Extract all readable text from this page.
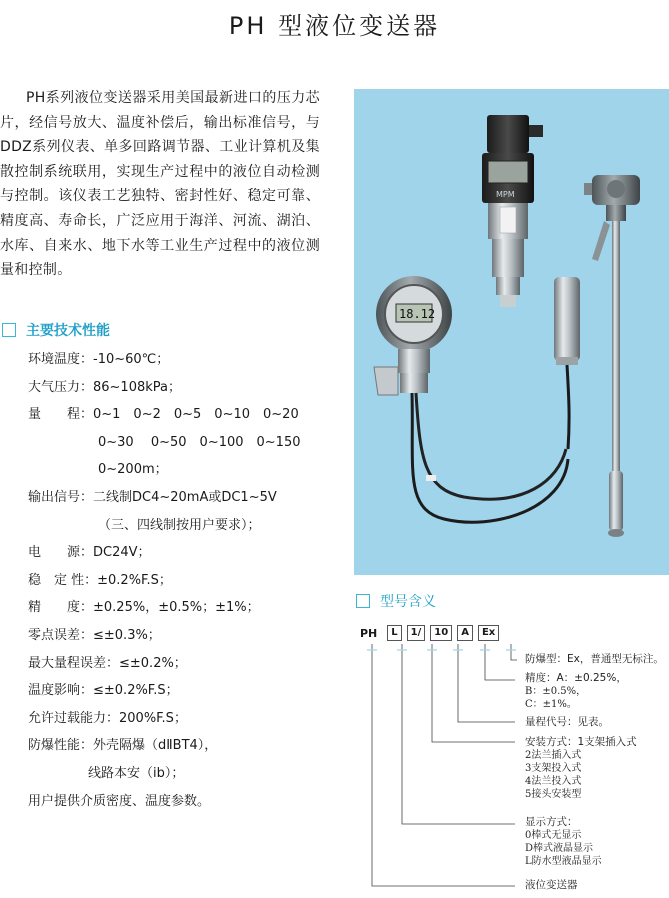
PH 型液位变送器

PH系列液位变送器采用美国最新进口的压力芯片，经信号放大、温度补偿后，输出标准信号，与DDZ系列仪表、单多回路调节器、工业计算机及集散控制系统联用，实现生产过程中的液位自动检测与控制。该仪表工艺独特、密封性好、稳定可靠、精度高、寿命长，广泛应用于海洋、河流、湖泊、水库、自来水、地下水等工业生产过程中的液位测量和控制。

主要技术性能
环境温度：-10~60℃；
大气压力：86~108kPa；
量　　程：0~1　0~2　0~5　0~10　0~20
0~30　 0~50　0~100　0~150
0~200m；
输出信号：二线制DC4~20mA或DC1~5V
（三、四线制按用户要求）；
电　　源：DC24V；
稳　定 性：±0.2%F.S；
精　　度：±0.25%，±0.5%；±1%；
零点误差：≤±0.3%；
最大量程误差：≤±0.2%；
温度影响：≤±0.2%F.S；
允许过载能力：200%F.S；
防爆性能：外壳隔爆（dⅡBT4），
线路本安（ib）；
用户提供介质密度、温度参数。
MPM
18.12
型号含义
PH	L	1/	10	A	Ex
防爆型：Ex，普通型无标注。
精度：A：±0.25%，
B：±0.5%，
C：±1%。
量程代号：见表。
安装方式：1支架插入式
2法兰插入式
3支架投入式
4法兰投入式
5接头安装型
显示方式：
0棒式无显示
D棒式液晶显示
L防水型液晶显示
液位变送器
